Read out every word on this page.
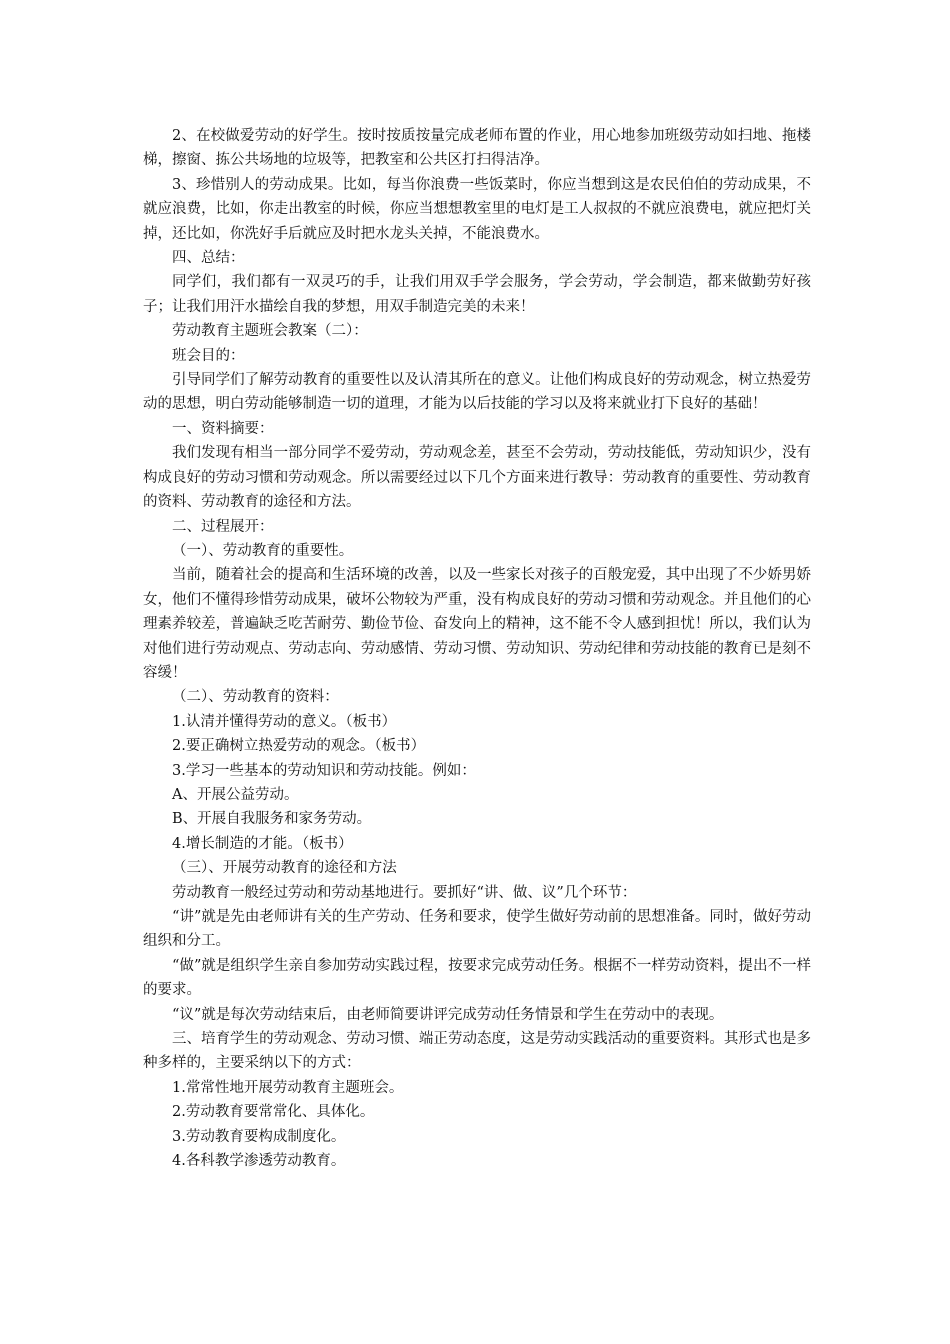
2、在校做爱劳动的好学生。按时按质按量完成老师布置的作业，用心地参加班级劳动如扫地、拖楼梯，擦窗、拣公共场地的垃圾等，把教室和公共区打扫得洁净。

3、珍惜别人的劳动成果。比如，每当你浪费一些饭菜时，你应当想到这是农民伯伯的劳动成果，不就应浪费，比如，你走出教室的时候，你应当想想教室里的电灯是工人叔叔的不就应浪费电，就应把灯关掉，还比如，你洗好手后就应及时把水龙头关掉，不能浪费水。

四、总结：

同学们，我们都有一双灵巧的手，让我们用双手学会服务，学会劳动，学会制造，都来做勤劳好孩子；让我们用汗水描绘自我的梦想，用双手制造完美的未来！

劳动教育主题班会教案（二）：

班会目的：

引导同学们了解劳动教育的重要性以及认清其所在的意义。让他们构成良好的劳动观念，树立热爱劳动的思想，明白劳动能够制造一切的道理，才能为以后技能的学习以及将来就业打下良好的基础！

一、资料摘要：

我们发现有相当一部分同学不爱劳动，劳动观念差，甚至不会劳动，劳动技能低，劳动知识少，没有构成良好的劳动习惯和劳动观念。所以需要经过以下几个方面来进行教导：劳动教育的重要性、劳动教育的资料、劳动教育的途径和方法。

二、过程展开：

（一）、劳动教育的重要性。

当前，随着社会的提高和生活环境的改善，以及一些家长对孩子的百般宠爱，其中出现了不少娇男娇女，他们不懂得珍惜劳动成果，破坏公物较为严重，没有构成良好的劳动习惯和劳动观念。并且他们的心理素养较差，普遍缺乏吃苦耐劳、勤俭节俭、奋发向上的精神，这不能不令人感到担忧！所以，我们认为对他们进行劳动观点、劳动志向、劳动感情、劳动习惯、劳动知识、劳动纪律和劳动技能的教育已是刻不容缓！

（二）、劳动教育的资料：

1.认清并懂得劳动的意义。（板书）

2.要正确树立热爱劳动的观念。（板书）

3.学习一些基本的劳动知识和劳动技能。例如：

A、开展公益劳动。

B、开展自我服务和家务劳动。

4.增长制造的才能。（板书）

（三）、开展劳动教育的途径和方法

劳动教育一般经过劳动和劳动基地进行。要抓好“讲、做、议”几个环节：

“讲”就是先由老师讲有关的生产劳动、任务和要求，使学生做好劳动前的思想准备。同时，做好劳动组织和分工。

“做”就是组织学生亲自参加劳动实践过程，按要求完成劳动任务。根据不一样劳动资料，提出不一样的要求。

“议”就是每次劳动结束后，由老师简要讲评完成劳动任务情景和学生在劳动中的表现。

三、培育学生的劳动观念、劳动习惯、端正劳动态度，这是劳动实践活动的重要资料。其形式也是多种多样的，主要采纳以下的方式：

1.常常性地开展劳动教育主题班会。

2.劳动教育要常常化、具体化。

3.劳动教育要构成制度化。

4.各科教学渗透劳动教育。
